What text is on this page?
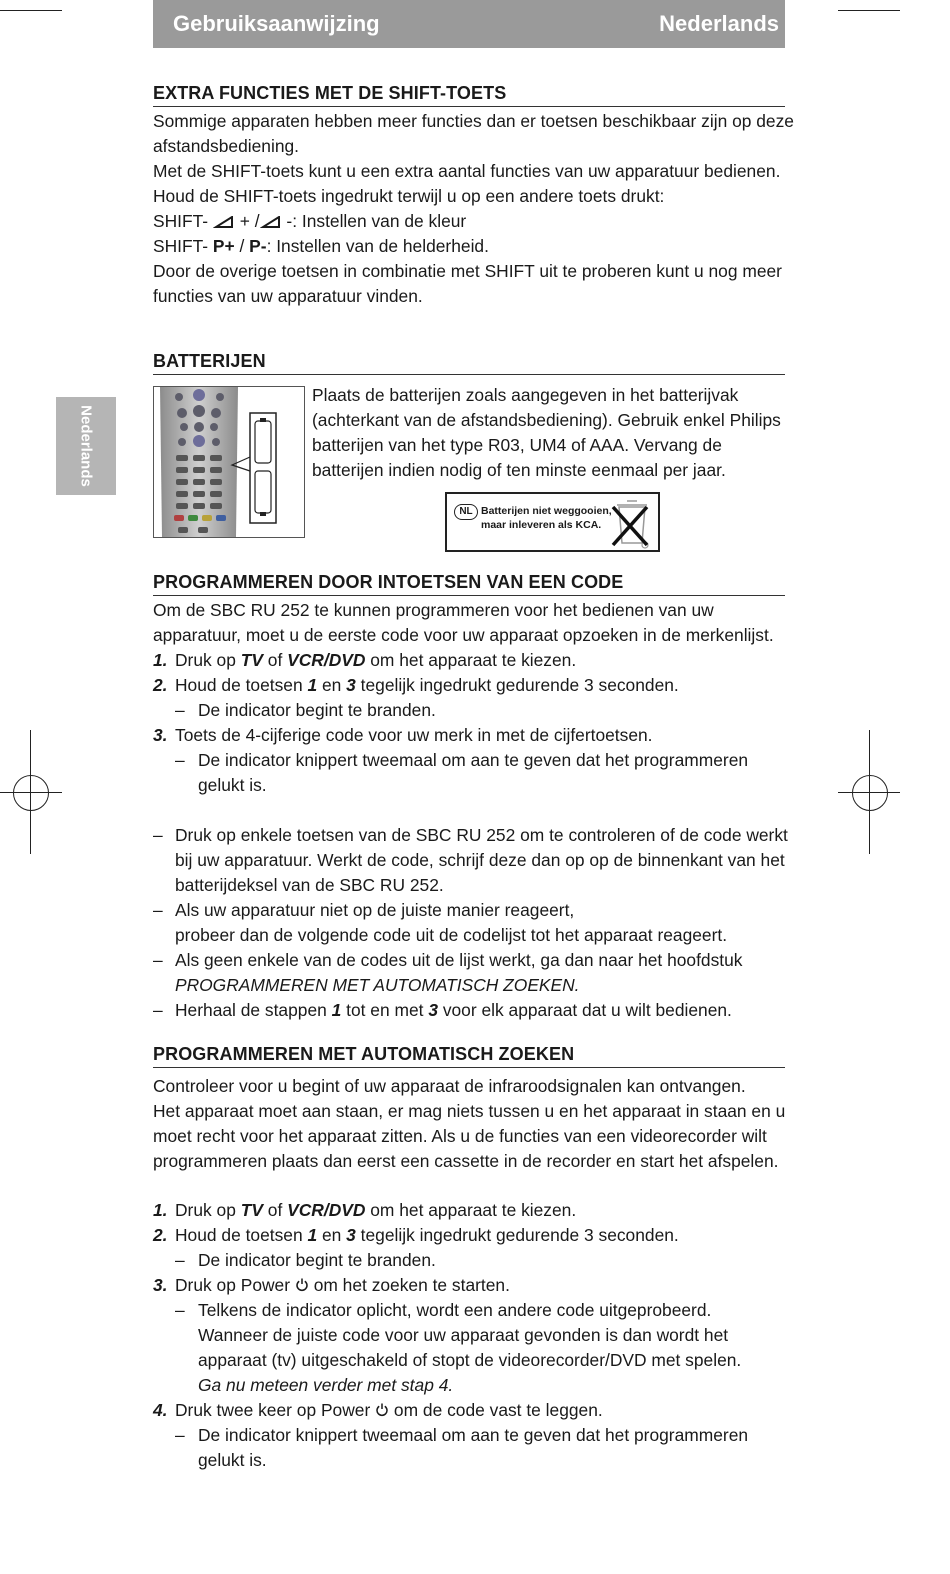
Gebruiksaanwijzing	Nederlands
Nederlands
EXTRA FUNCTIES MET DE SHIFT-TOETS
Sommige apparaten hebben meer functies dan er toetsen beschikbaar zijn op deze
afstandsbediening.
Met de SHIFT-toets kunt u een extra aantal functies van uw apparatuur bedienen.
Houd de SHIFT-toets ingedrukt terwijl u op een andere toets drukt:
SHIFT-  + / -: Instellen van de kleur
SHIFT- P+ / P-: Instellen van de helderheid.
Door de overige toetsen in combinatie met SHIFT uit te proberen kunt u nog meer
functies van uw apparatuur vinden.
BATTERIJEN
Plaats de batterijen zoals aangegeven in het batterijvak
(achterkant van de afstandsbediening). Gebruik enkel Philips
batterijen van het type R03, UM4 of AAA. Vervang de
batterijen indien nodig of ten minste eenmaal per jaar.
NL Batterijen niet weggooien,
maar inleveren als KCA.
PROGRAMMEREN DOOR INTOETSEN VAN EEN CODE
Om de SBC RU 252 te kunnen programmeren voor het bedienen van uw
apparatuur, moet u de eerste code voor uw apparaat opzoeken in de merkenlijst.
1. Druk op TV of VCR/DVD om het apparaat te kiezen.
2. Houd de toetsen 1 en 3 tegelijk ingedrukt gedurende 3 seconden.
– De indicator begint te branden.
3. Toets de 4-cijferige code voor uw merk in met de cijfertoetsen.
– De indicator knippert tweemaal om aan te geven dat het programmeren
gelukt is.
– Druk op enkele toetsen van de SBC RU 252 om te controleren of de code werkt
bij uw apparatuur. Werkt de code, schrijf deze dan op op de binnenkant van het
batterijdeksel van de SBC RU 252.
– Als uw apparatuur niet op de juiste manier reageert,
probeer dan de volgende code uit de codelijst tot het apparaat reageert.
– Als geen enkele van de codes uit de lijst werkt, ga dan naar het hoofdstuk
PROGRAMMEREN MET AUTOMATISCH ZOEKEN.
– Herhaal de stappen 1 tot en met 3 voor elk apparaat dat u wilt bedienen.
PROGRAMMEREN MET AUTOMATISCH ZOEKEN
Controleer voor u begint of uw apparaat de infraroodsignalen kan ontvangen.
Het apparaat moet aan staan, er mag niets tussen u en het apparaat in staan en u
moet recht voor het apparaat zitten. Als u de functies van een videorecorder wilt
programmeren plaats dan eerst een cassette in de recorder en start het afspelen.
1. Druk op TV of VCR/DVD om het apparaat te kiezen.
2. Houd de toetsen 1 en 3 tegelijk ingedrukt gedurende 3 seconden.
– De indicator begint te branden.
3. Druk op Power  om het zoeken te starten.
– Telkens de indicator oplicht, wordt een andere code uitgeprobeerd.
Wanneer de juiste code voor uw apparaat gevonden is dan wordt het
apparaat (tv) uitgeschakeld of stopt de videorecorder/DVD met spelen.
Ga nu meteen verder met stap 4.
4. Druk twee keer op Power  om de code vast te leggen.
– De indicator knippert tweemaal om aan te geven dat het programmeren
gelukt is.
